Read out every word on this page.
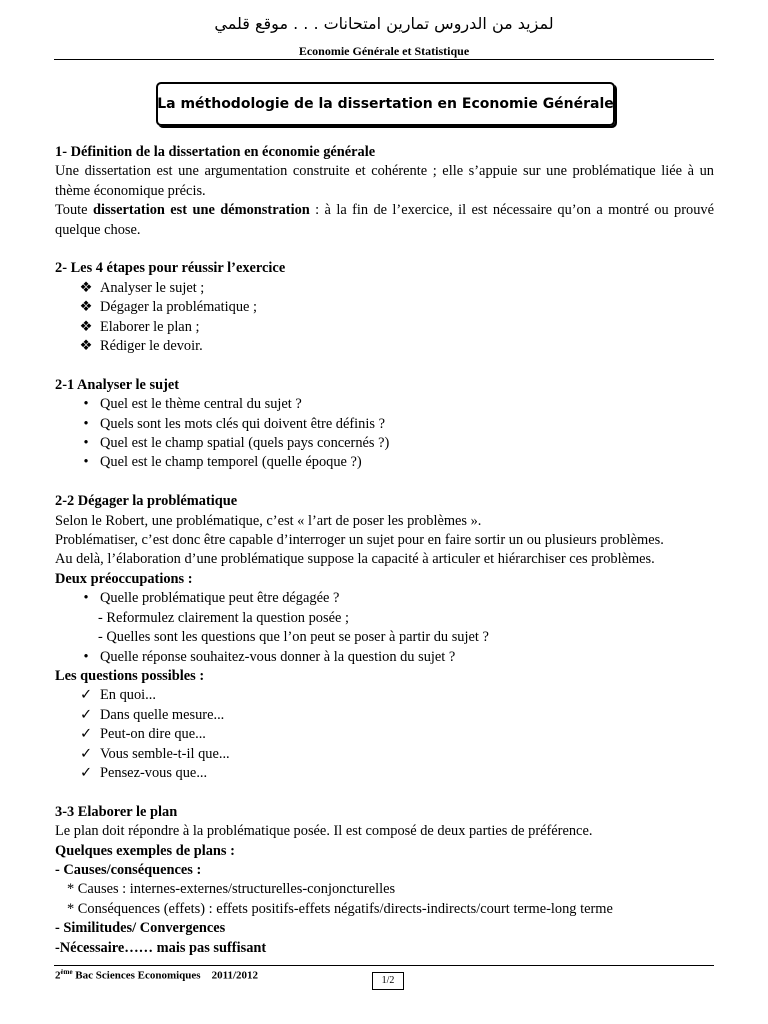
لمزيد من الدروس تمارين امتحانات . . . موقع قلمي
Economie Générale et Statistique
La méthodologie de la dissertation en Economie Générale
1- Définition de la dissertation en économie générale
Une dissertation est une argumentation construite et cohérente ; elle s’appuie sur une problématique liée à un thème économique précis.
Toute dissertation est une démonstration : à la fin de l’exercice, il est nécessaire qu’on a montré ou prouvé quelque chose.
2- Les 4 étapes pour réussir l’exercice
❖ Analyser le sujet ;
❖ Dégager la problématique ;
❖ Elaborer le plan ;
❖ Rédiger le devoir.
2-1 Analyser le sujet
• Quel est le thème central du sujet ?
• Quels sont les mots clés qui doivent être définis ?
• Quel est le champ spatial (quels pays concernés ?)
• Quel est le champ temporel (quelle époque ?)
2-2 Dégager la problématique
Selon le Robert, une problématique, c’est « l’art de poser les problèmes ».
Problématiser, c’est donc être capable d’interroger un sujet pour en faire sortir un ou plusieurs problèmes.
Au delà, l’élaboration d’une problématique suppose la capacité à articuler et hiérarchiser ces problèmes.
Deux préoccupations :
• Quelle problématique peut être dégagée ?
- Reformulez clairement la question posée ;
- Quelles sont les questions que l’on peut se poser à partir du sujet ?
• Quelle réponse souhaitez-vous donner à la question du sujet ?
Les questions possibles :
✓ En quoi...
✓ Dans quelle mesure...
✓ Peut-on dire que...
✓ Vous semble-t-il que...
✓ Pensez-vous que...
3-3 Elaborer le plan
Le plan doit répondre à la problématique posée. Il est composé de deux parties de préférence.
Quelques exemples de plans :
- Causes/conséquences :
* Causes : internes-externes/structurelles-conjoncturelles
* Conséquences (effets) : effets positifs-effets négatifs/directs-indirects/court terme-long terme
- Similitudes/ Convergences
-Nécessaire…… mais pas suffisant
2ème Bac Sciences Economiques    2011/2012	1/2
